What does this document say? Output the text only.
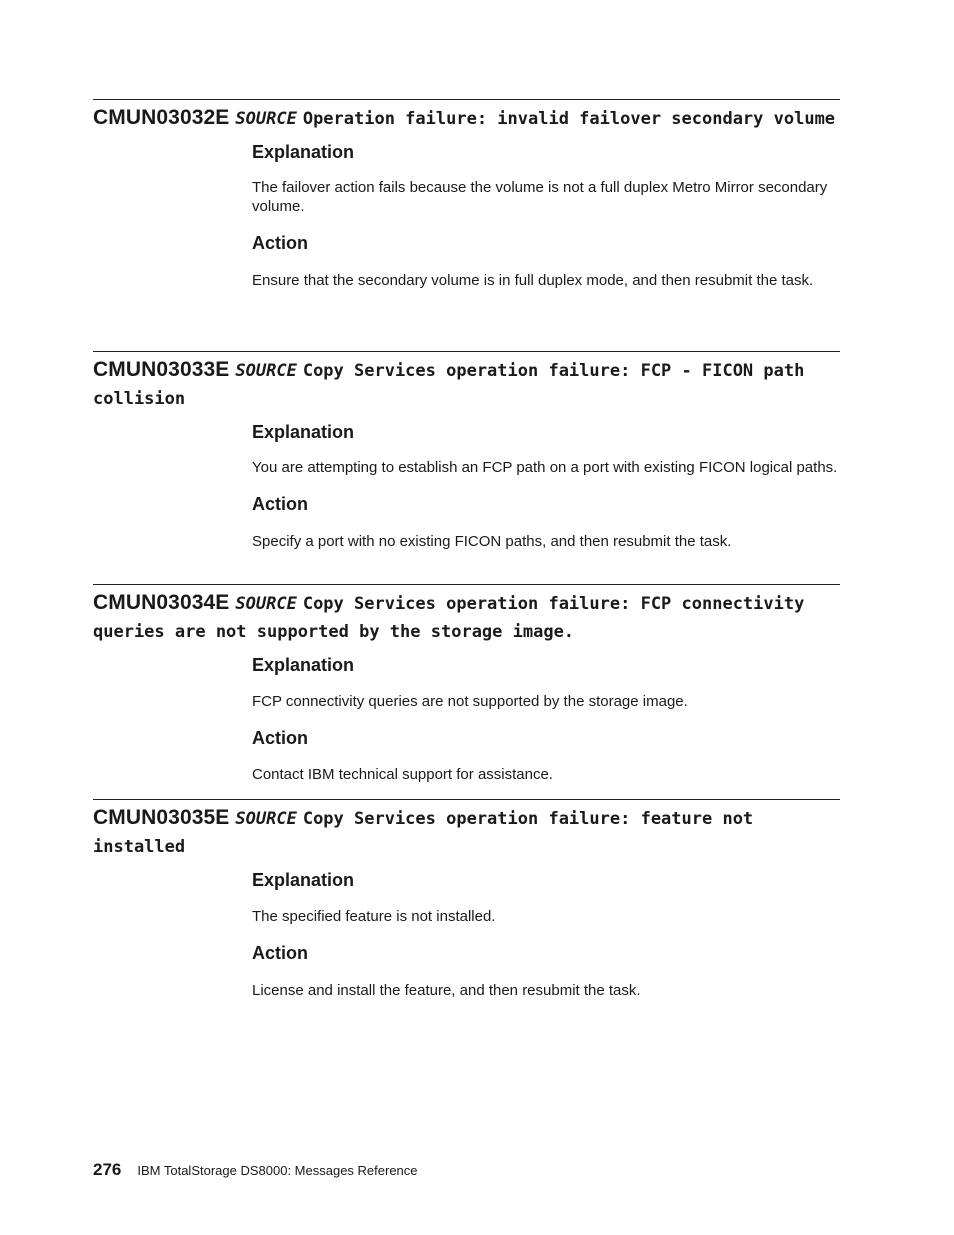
CMUN03032E SOURCE Operation failure: invalid failover secondary volume
Explanation

The failover action fails because the volume is not a full duplex Metro Mirror secondary volume.

Action

Ensure that the secondary volume is in full duplex mode, and then resubmit the task.

CMUN03033E SOURCE Copy Services operation failure: FCP - FICON path collision
Explanation

You are attempting to establish an FCP path on a port with existing FICON logical paths.

Action

Specify a port with no existing FICON paths, and then resubmit the task.

CMUN03034E SOURCE Copy Services operation failure: FCP connectivity queries are not supported by the storage image.
Explanation

FCP connectivity queries are not supported by the storage image.

Action

Contact IBM technical support for assistance.

CMUN03035E SOURCE Copy Services operation failure: feature not installed
Explanation

The specified feature is not installed.

Action

License and install the feature, and then resubmit the task.

276 IBM TotalStorage DS8000: Messages Reference
